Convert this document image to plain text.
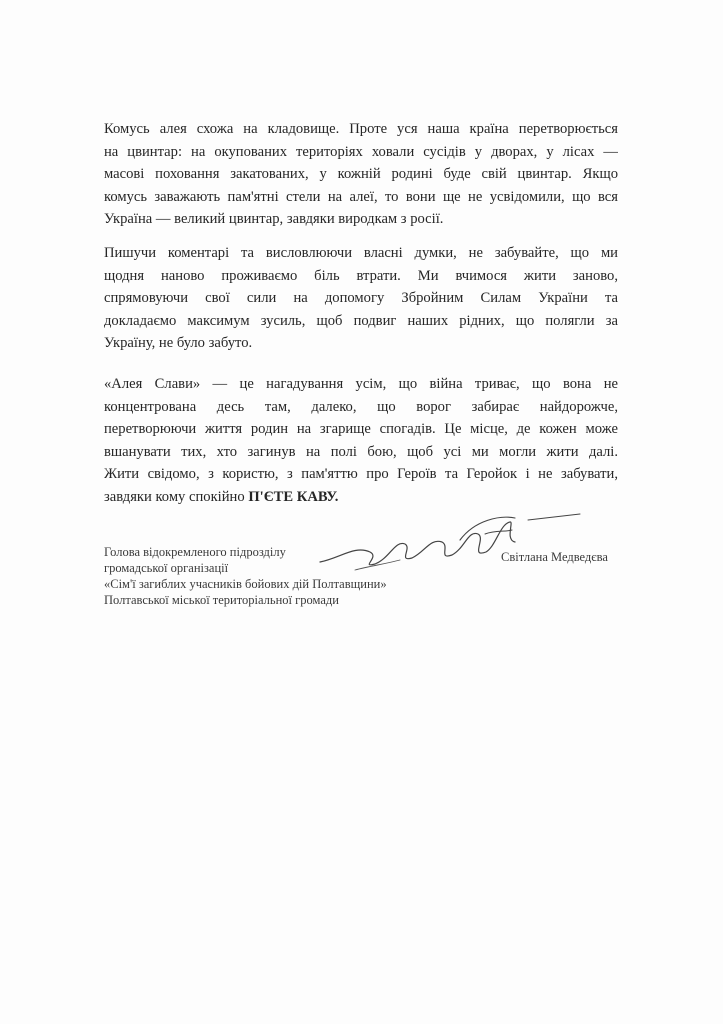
Комусь алея схожа на кладовище. Проте уся наша країна перетворюється
на цвинтар: на окупованих територіях ховали сусідів у дворах, у лісах —
масові поховання закатованих, у кожній родині буде свій цвинтар. Якщо
комусь заважають пам'ятні стели на алеї, то вони ще не усвідомили, що вся
Україна — великий цвинтар, завдяки виродкам з росії.
Пишучи коментарі та висловлюючи власні думки, не забувайте, що ми
щодня наново проживаємо біль втрати. Ми вчимося жити заново,
спрямовуючи свої сили на допомогу Збройним Силам України та
докладаємо максимум зусиль, щоб подвиг наших рідних, що полягли за
Україну, не було забуто.
«Алея Слави» — це нагадування усім, що війна триває, що вона не
концентрована десь там, далеко, що ворог забирає найдорожче,
перетворюючи життя родин на згарище спогадів. Це місце, де кожен може
вшанувати тих, хто загинув на полі бою, щоб усі ми могли жити далі.
Жити свідомо, з користю, з пам'яттю про Героїв та Геройок і не забувати,
завдяки кому спокійно П'ЄТЕ КАВУ.
Голова відокремленого підрозділу
громадської організації
«Сім'ї загиблих учасників бойових дій Полтавщини»
Полтавської міської територіальної громади
Світлана Медведєва
